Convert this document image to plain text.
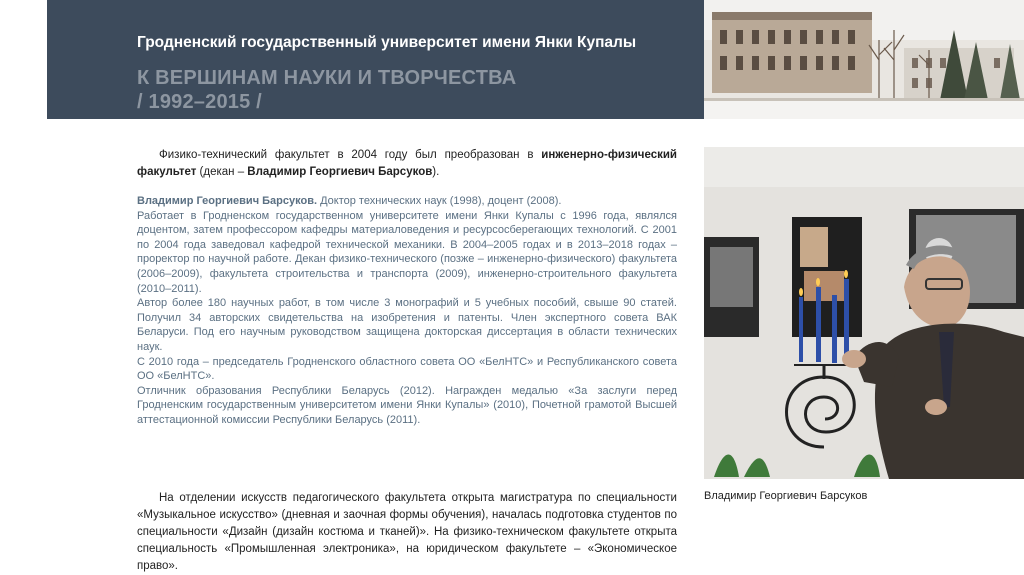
Гродненский государственный университет имени Янки Купалы
К ВЕРШИНАМ НАУКИ И ТВОРЧЕСТВА
/ 1992–2015 /
Физико-технический факультет в 2004 году был преобразован в инженерно-физический факультет (декан – Владимир Георгиевич Барсуков).

Владимир Георгиевич Барсуков. Доктор технических наук (1998), доцент (2008).

Работает в Гродненском государственном университете имени Янки Купалы с 1996 года, являлся доцентом, затем профессором кафедры материаловедения и ресурсосберегающих технологий. С 2001 по 2004 года заведовал кафедрой технической механики. В 2004–2005 годах и в 2013–2018 годах – проректор по научной работе. Декан физико-технического (позже – инженерно-физического) факультета (2006–2009), факультета строительства и транспорта (2009), инженерно-строительного факультета (2010–2011).

Автор более 180 научных работ, в том числе 3 монографий и 5 учебных пособий, свыше 90 статей. Получил 34 авторских свидетельства на изобретения и патенты. Член экспертного совета ВАК Беларуси. Под его научным руководством защищена докторская диссертация в области технических наук.

С 2010 года – председатель Гродненского областного совета ОО «БелНТС» и Республиканского совета ОО «БелНТС».

Отличник образования Республики Беларусь (2012). Награжден медалью «За заслуги перед Гродненским государственным университетом имени Янки Купалы» (2010), Почетной грамотой Высшей аттестационной комиссии Республики Беларусь (2011).

Владимир Георгиевич Барсуков
На отделении искусств педагогического факультета открыта магистратура по специальности «Музыкальное искусство» (дневная и заочная формы обучения), началась подготовка студентов по специальности «Дизайн (дизайн костюма и тканей)». На физико-техническом факультете открыта специальность «Промышленная электроника», на юридическом факультете – «Экономическое право».
